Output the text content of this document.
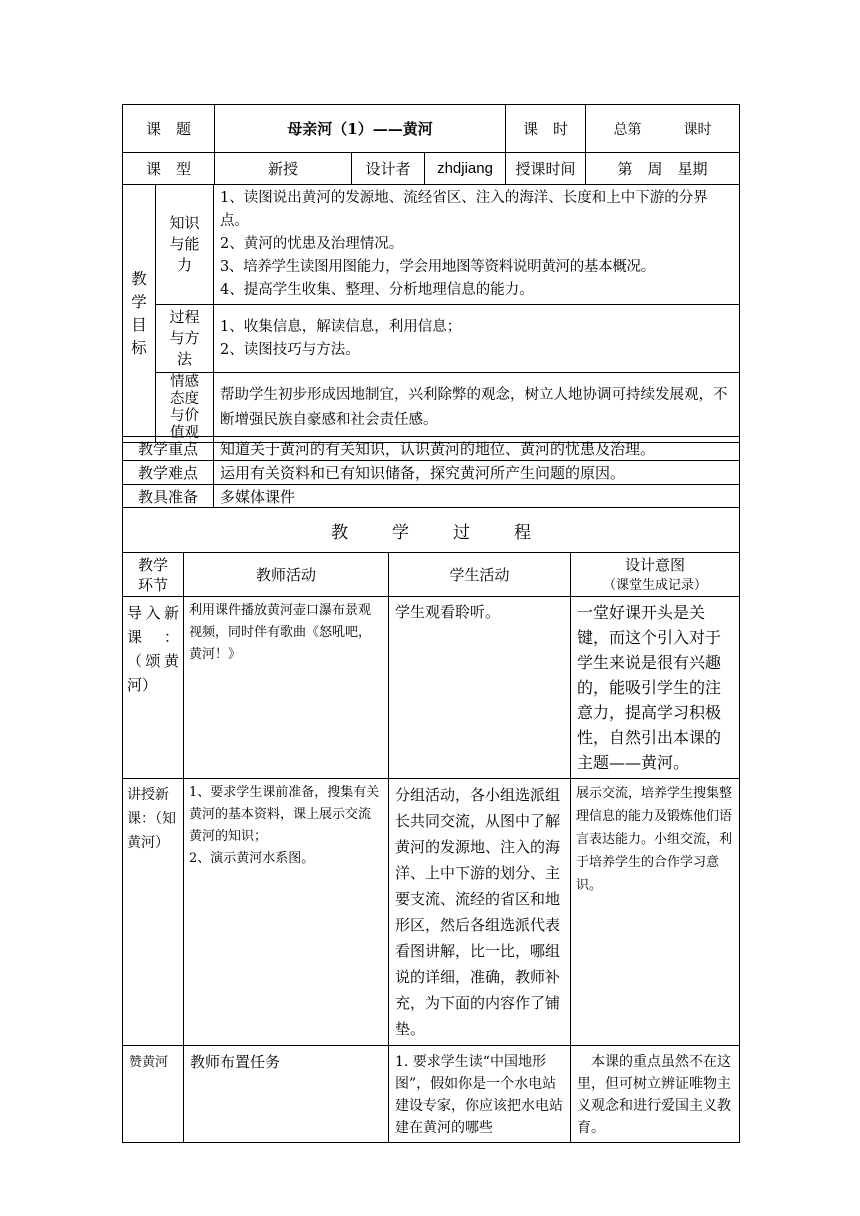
课　题	母亲河（1）——黄河			课　时	总第　　　课时
课　型	新授	设计者	zhdjiang	授课时间	第　周　星期
教学目标	知识与能力	1、读图说出黄河的发源地、流经省区、注入的海洋、长度和上中下游的分界点。

2、黄河的忧患及治理情况。

3、培养学生读图用图能力，学会用地图等资料说明黄河的基本概况。

4、提高学生收集、整理、分析地理信息的能力。

	过程与方法	1、收集信息，解读信息，利用信息；

2、读图技巧与方法。

	情感态度与价值观	帮助学生初步形成因地制宜，兴利除弊的观念，树立人地协调可持续发展观，不断增强民族自豪感和社会责任感。
教学重点	知道关于黄河的有关知识，认识黄河的地位、黄河的忧患及治理。
教学难点	运用有关资料和已有知识储备，探究黄河所产生问题的原因。
教具准备	多媒体课件
教学过程			
教学环节	教师活动	学生活动	设计意图
（课堂生成记录）

导入新课：（颂黄河）	利用课件播放黄河壶口瀑布景观视频，同时伴有歌曲《怒吼吧，黄河！》	学生观看聆听。	一堂好课开头是关键，而这个引入对于学生来说是很有兴趣的，能吸引学生的注意力，提高学习积极性，自然引出本课的主题——黄河。
讲授新课：（知黄河）	1、要求学生课前准备，搜集有关黄河的基本资料，课上展示交流黄河的知识；
2、演示黄河水系图。	分组活动，各小组选派组长共同交流，从图中了解黄河的发源地、注入的海洋、上中下游的划分、主要支流、流经的省区和地形区，然后各组选派代表看图讲解，比一比，哪组说的详细，准确，教师补充，为下面的内容作了铺垫。	展示交流，培养学生搜集整理信息的能力及锻炼他们语言表达能力。小组交流，利于培养学生的合作学习意识。
赞黄河	教师布置任务	1. 要求学生读“中国地形图”，假如你是一个水电站建设专家，你应该把水电站建在黄河的哪些	　本课的重点虽然不在这里，但可树立辨证唯物主义观念和进行爱国主义教育。
